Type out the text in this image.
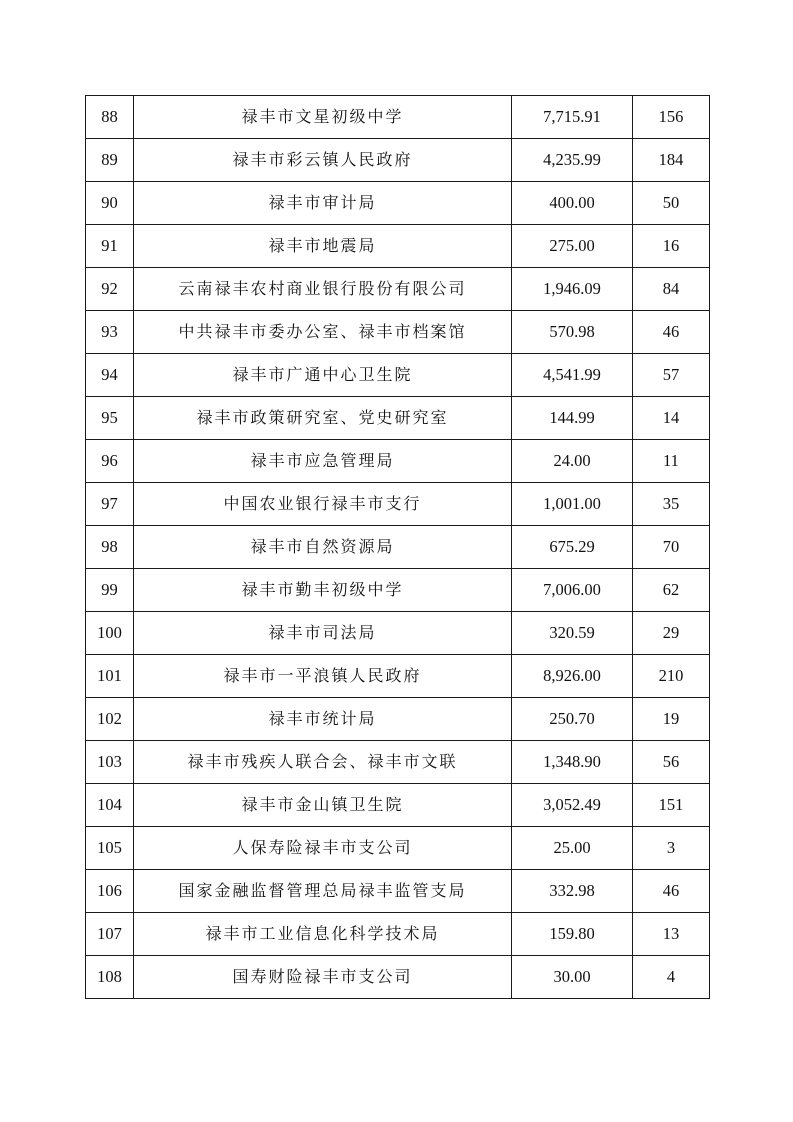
88	禄丰市文星初级中学	7,715.91	156
89	禄丰市彩云镇人民政府	4,235.99	184
90	禄丰市审计局	400.00	50
91	禄丰市地震局	275.00	16
92	云南禄丰农村商业银行股份有限公司	1,946.09	84
93	中共禄丰市委办公室、禄丰市档案馆	570.98	46
94	禄丰市广通中心卫生院	4,541.99	57
95	禄丰市政策研究室、党史研究室	144.99	14
96	禄丰市应急管理局	24.00	11
97	中国农业银行禄丰市支行	1,001.00	35
98	禄丰市自然资源局	675.29	70
99	禄丰市勤丰初级中学	7,006.00	62
100	禄丰市司法局	320.59	29
101	禄丰市一平浪镇人民政府	8,926.00	210
102	禄丰市统计局	250.70	19
103	禄丰市残疾人联合会、禄丰市文联	1,348.90	56
104	禄丰市金山镇卫生院	3,052.49	151
105	人保寿险禄丰市支公司	25.00	3
106	国家金融监督管理总局禄丰监管支局	332.98	46
107	禄丰市工业信息化科学技术局	159.80	13
108	国寿财险禄丰市支公司	30.00	4
